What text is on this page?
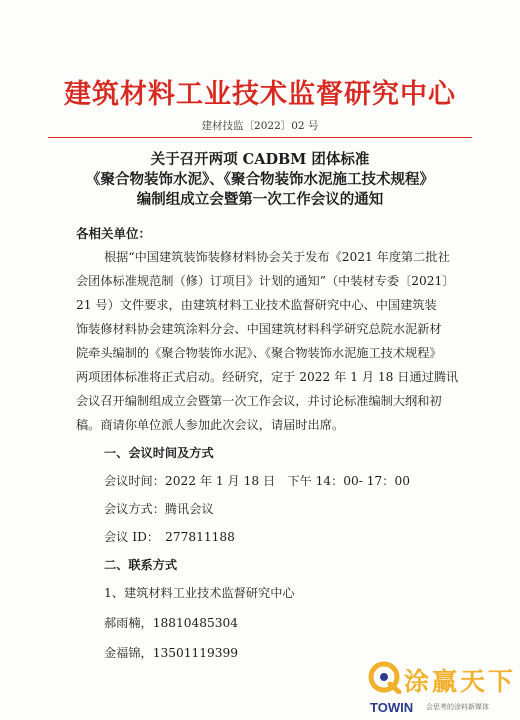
建筑材料工业技术监督研究中心
建材技监〔2022〕02 号
关于召开两项 CADBM 团体标准
《聚合物装饰水泥》、《聚合物装饰水泥施工技术规程》
编制组成立会暨第一次工作会议的通知
各相关单位：
根据“中国建筑装饰装修材料协会关于发布《2021 年度第二批社
会团体标准规范制（修）订项目》计划的通知”（中装材专委〔2021〕
21 号）文件要求，由建筑材料工业技术监督研究中心、中国建筑装
饰装修材料协会建筑涂料分会、中国建筑材料科学研究总院水泥新材
院牵头编制的《聚合物装饰水泥》、《聚合物装饰水泥施工技术规程》
两项团体标准将正式启动。经研究，定于 2022 年 1 月 18 日通过腾讯
会议召开编制组成立会暨第一次工作会议，并讨论标准编制大纲和初
稿。商请你单位派人参加此次会议，请届时出席。
一、会议时间及方式
会议时间：2022 年 1 月 18 日　下午 14：00- 17：00
会议方式：腾讯会议
会议 ID：　277811188
二、联系方式
1、建筑材料工业技术监督研究中心
郝雨楠，18810485304
金福锦，13501119399
涂赢天下
TOWIN 会思考的涂料新媒体
